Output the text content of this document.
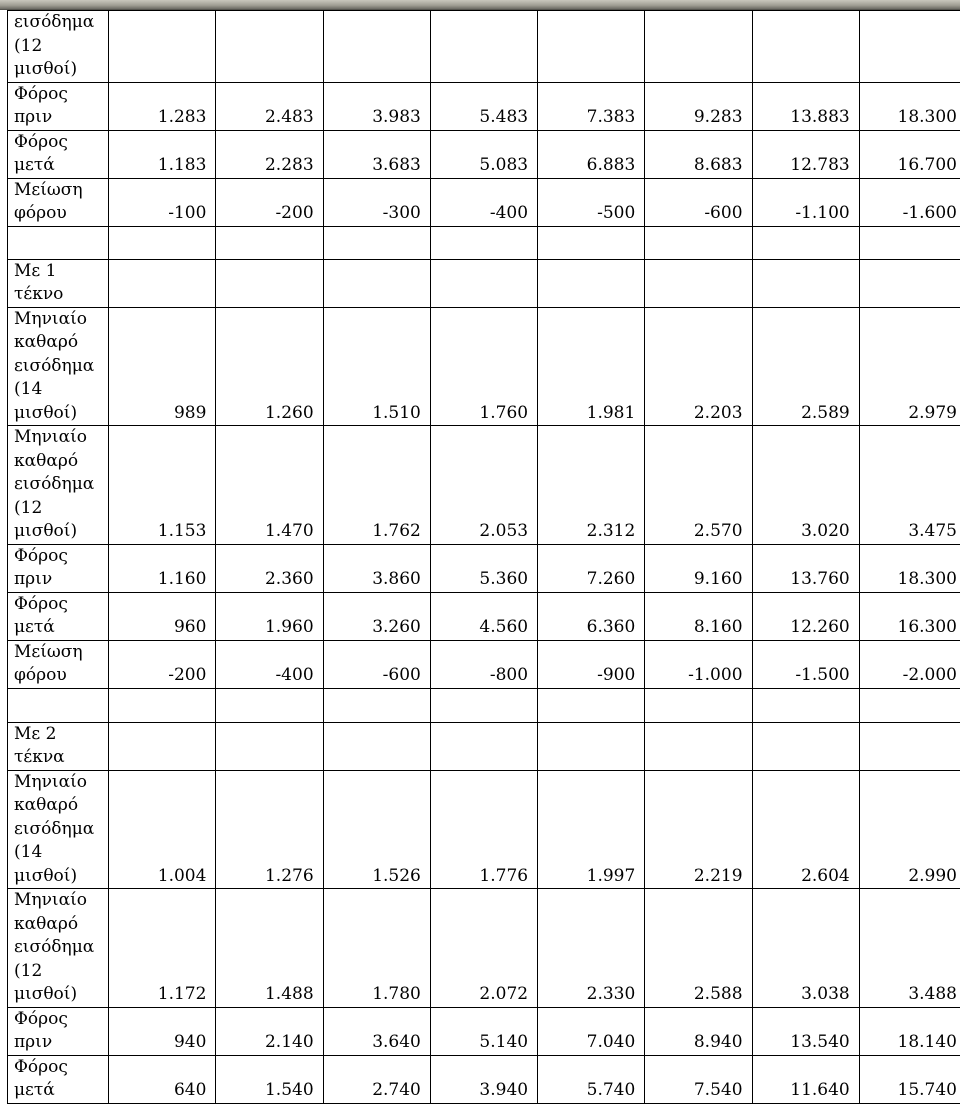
εισόδημα
(12
μισθοί)								

Φόρος
πριν	1.283	2.483	3.983	5.483	7.383	9.283	13.883	18.300

Φόρος
μετά	1.183	2.283	3.683	5.083	6.883	8.683	12.783	16.700

Μείωση
φόρου	-100	-200	-300	-400	-500	-600	-1.100	-1.600

Με 1
τέκνο								

Μηνιαίο
καθαρό
εισόδημα
(14
μισθοί)	989	1.260	1.510	1.760	1.981	2.203	2.589	2.979

Μηνιαίο
καθαρό
εισόδημα
(12
μισθοί)	1.153	1.470	1.762	2.053	2.312	2.570	3.020	3.475

Φόρος
πριν	1.160	2.360	3.860	5.360	7.260	9.160	13.760	18.300

Φόρος
μετά	960	1.960	3.260	4.560	6.360	8.160	12.260	16.300

Μείωση
φόρου	-200	-400	-600	-800	-900	-1.000	-1.500	-2.000

Με 2
τέκνα								

Μηνιαίο
καθαρό
εισόδημα
(14
μισθοί)	1.004	1.276	1.526	1.776	1.997	2.219	2.604	2.990

Μηνιαίο
καθαρό
εισόδημα
(12
μισθοί)	1.172	1.488	1.780	2.072	2.330	2.588	3.038	3.488

Φόρος
πριν	940	2.140	3.640	5.140	7.040	8.940	13.540	18.140

Φόρος
μετά	640	1.540	2.740	3.940	5.740	7.540	11.640	15.740
